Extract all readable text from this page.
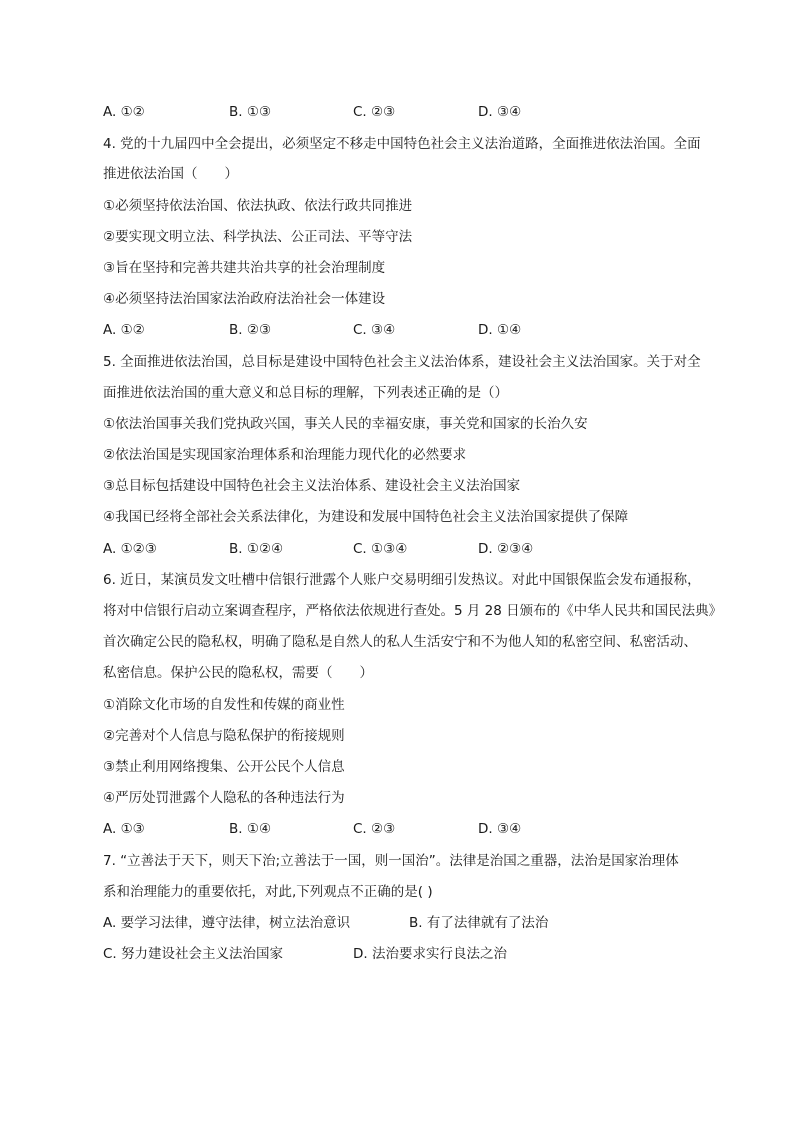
A. ①②	B. ①③	C. ②③	D. ③④
4. 党的十九届四中全会提出，必须坚定不移走中国特色社会主义法治道路，全面推进依法治国。全面
推进依法治国（　　）
①必须坚持依法治国、依法执政、依法行政共同推进
②要实现文明立法、科学执法、公正司法、平等守法
③旨在坚持和完善共建共治共享的社会治理制度
④必须坚持法治国家法治政府法治社会一体建设
A. ①②	B. ②③	C. ③④	D. ①④
5. 全面推进依法治国，总目标是建设中国特色社会主义法治体系，建设社会主义法治国家。关于对全
面推进依法治国的重大意义和总目标的理解，下列表述正确的是（）
①依法治国事关我们党执政兴国，事关人民的幸福安康，事关党和国家的长治久安
②依法治国是实现国家治理体系和治理能力现代化的必然要求
③总目标包括建设中国特色社会主义法治体系、建设社会主义法治国家
④我国已经将全部社会关系法律化，为建设和发展中国特色社会主义法治国家提供了保障
A. ①②③	B. ①②④	C. ①③④	D. ②③④
6. 近日，某演员发文吐槽中信银行泄露个人账户交易明细引发热议。对此中国银保监会发布通报称，
将对中信银行启动立案调查程序，严格依法依规进行查处。5 月 28 日颁布的《中华人民共和国民法典》
首次确定公民的隐私权，明确了隐私是自然人的私人生活安宁和不为他人知的私密空间、私密活动、
私密信息。保护公民的隐私权，需要（　　）
①消除文化市场的自发性和传媒的商业性
②完善对个人信息与隐私保护的衔接规则
③禁止利用网络搜集、公开公民个人信息
④严厉处罚泄露个人隐私的各种违法行为
A. ①③	B. ①④	C. ②③	D. ③④
7. “立善法于天下，则天下治;立善法于一国，则一国治”。法律是治国之重器，法治是国家治理体
系和治理能力的重要依托，对此,下列观点不正确的是( )
A. 要学习法律，遵守法律，树立法治意识	B. 有了法律就有了法治
C. 努力建设社会主义法治国家	D. 法治要求实行良法之治
